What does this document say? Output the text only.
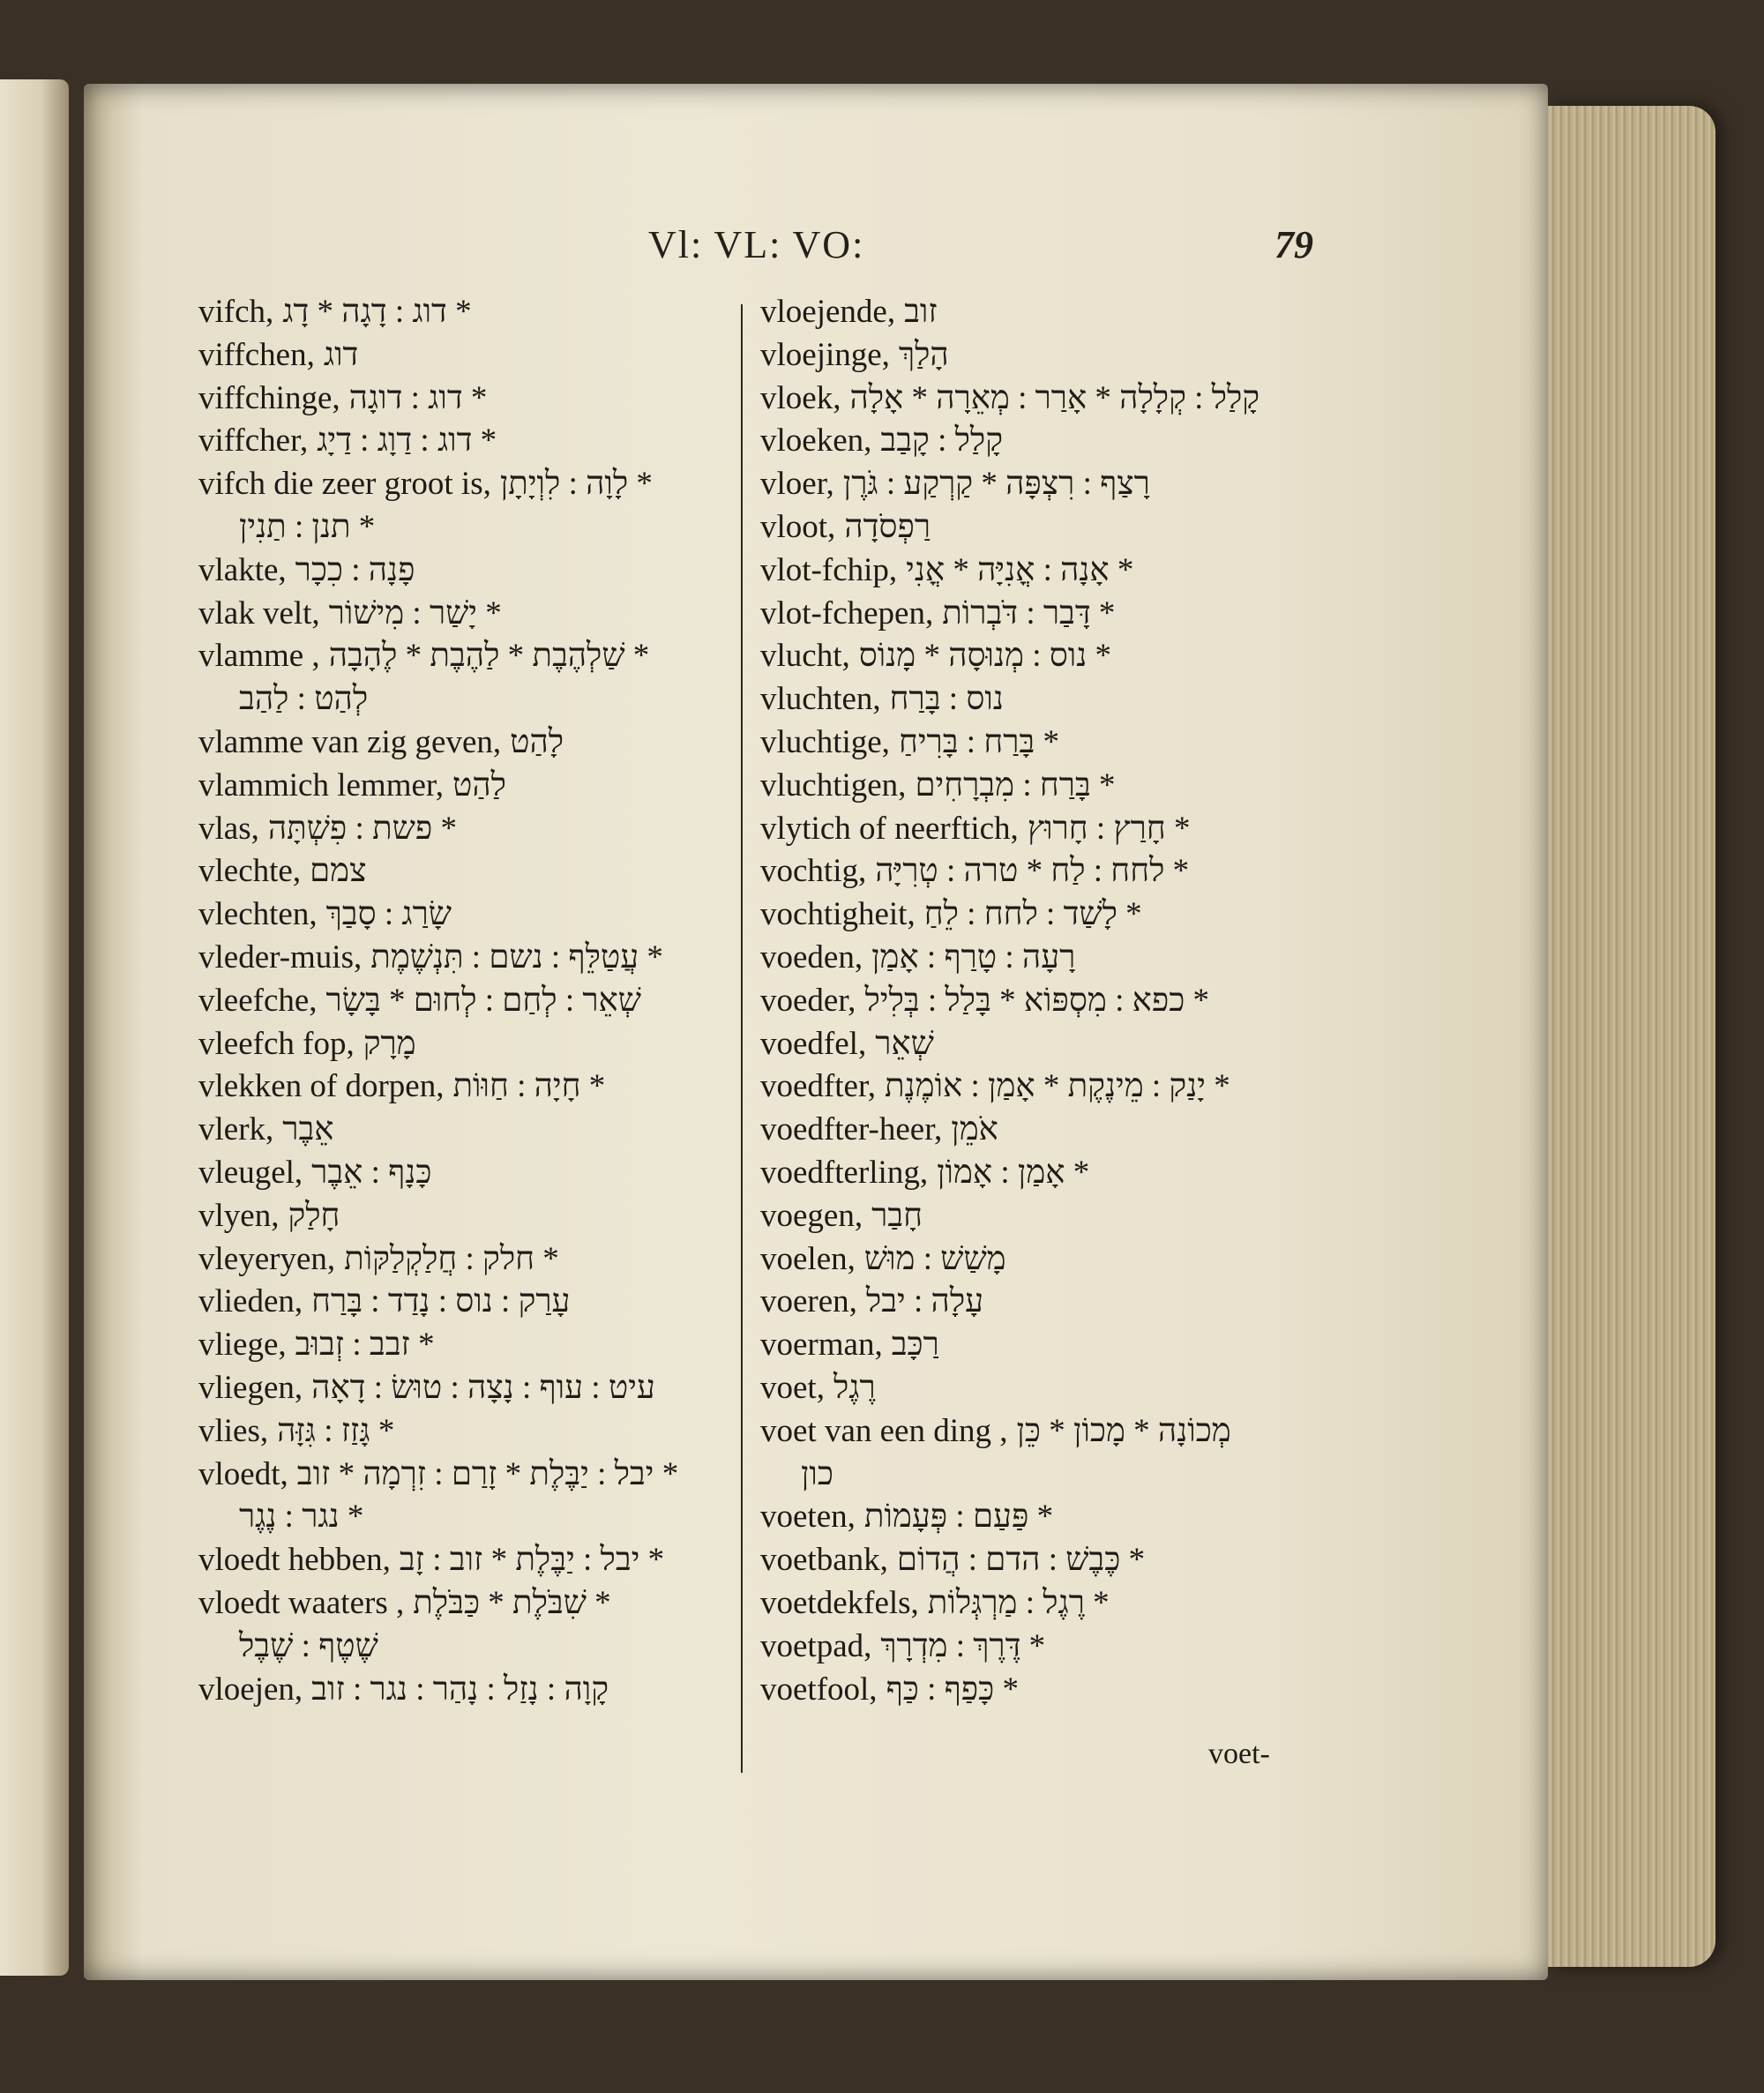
Vl: VL: VO:	79
vifch, * דוג : דָגָה * דָג
viffchen, דוג
viffchinge, * דוג : דוגָה
viffcher, * דוג : דַוָג : דַיָג
vifch die zeer groot is, * לָוָה : לִוְיָתָן
* תנן : תַנִין
vlakte, פָנָה : כִכָר
vlak velt, * יָשַׁר : מִישׁוֹר
vlamme , * שַׁלְהֶבֶת * לַהֶבֶת * לֶהָבָה
לְהַט : לַהַב
vlamme van zig geven, לָהַט
vlammich lemmer, לַהַט
vlas, * פשת : פִשְׁתָּה
vlechte, צמם
vlechten, שָׂרַג : סָבַךְ
vleder-muis, * עֲטַלֵּף : נשם : תִּנְשֶׁמֶת
vleefche, שְׁאֵר : לְחַם : לְחוּם * בָּשָׂר
vleefch fop, מָרָק
vlekken of dorpen, * חָיָה : חַוּוֹת
vlerk, אֵבֶר
vleugel, כָּנָף : אֵבֶר
vlyen, חָלַק
vleyeryen, * חלק : חֲלַקְלַקּוֹת
vlieden, עָרַק : נוס : נָדַד : בָּרַח
vliege, * זבב : זְבוּב
vliegen, עיט : עוף : נָצָה : טוּשׂ : דָאָה
vlies, * גָּזַז : גִּזָּה
vloedt, * יבל : יַבֶּלֶת * זָרַם : זִרְמָה * זוב
* נגר : נֶגֶר
vloedt hebben, * יבל : יַבֶּלֶת * זוב : זָב
vloedt waaters , * שִׁבֹּלֶת * כַּבֹּלֶת
שֶׁטֶף : שֶׁבֶל
vloejen, קָוָה : נָזַל : נָהַר : נגר : זוב
vloejende, זוב
vloejinge, הָלַךְ
vloek, קָלַל : קְלָלָה * אָרַר : מְאֵרָה * אָלָה
vloeken, קָלַל : קָבַב
vloer, רָצַף : רִצְפָּה * קַרְקַע : גֹּרֶן
vloot, רַפְסֹדָה
vlot-fchip, * אָנָה : אֳנִיָּה * אֳנִי
vlot-fchepen, * דָּבַר : דֹּבְרוֹת
vlucht, * נוס : מְנוּסָה * מָנוֹס
vluchten, נוס : בָּרַח
vluchtige, * בָּרַח : בָּרִיחַ
vluchtigen, * בָּרַח : מִבְרָחִים
vlytich of neerftich, * חָרַץ : חָרוּץ
vochtig, * לחח : לַח * טרה : טְרִיָּה
vochtigheit, * לָשַׁד : לחח : לֵחַ
voeden, רָעָה : טָרַף : אָמַן
voeder, * כפא : מִסְפּוֹא * בָּלַל : בְּלִיל
voedfel, שְׁאֵר
voedfter, * יָנַק : מֵינֶקֶת * אָמַן : אוֹמֶנֶת
voedfter-heer, אֹמֵן
voedfterling, * אָמַן : אָמוֹן
voegen, חָבַר
voelen, מָשַׁשׁ : מוּשׁ
voeren, עָלָה : יבל
voerman, רַכָּב
voet, רֶגֶל
voet van een ding , מְכוֹנָה * מָכוֹן * כֵּן
כון
voeten, * פַּעַם : פְּעָמוֹת
voetbank, * כֶּבֶשׁ : הדם : הֲדוֹם
voetdekfels, * רֶגֶל : מַרְגְּלוֹת
voetpad, * דֶּרֶךְ : מִדְרָךְ
voetfool, * כָּפַף : כַּף
voet-
